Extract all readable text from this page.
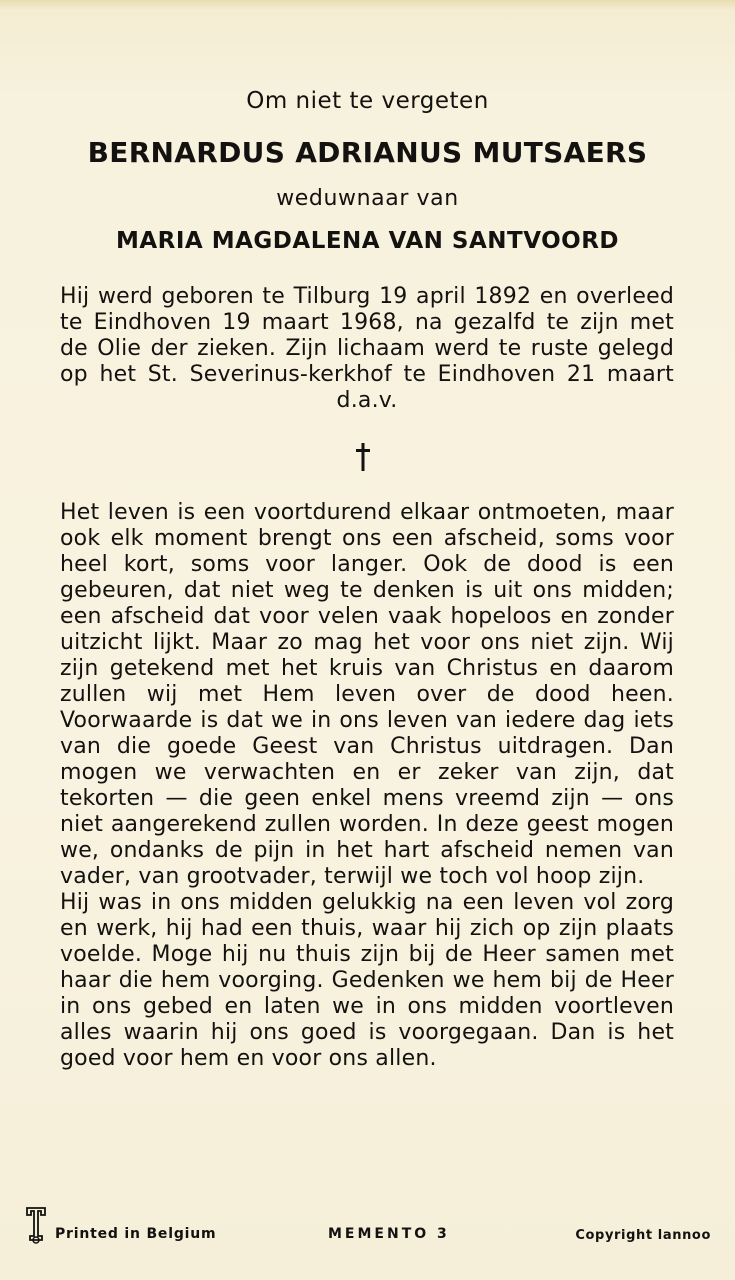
Om niet te vergeten
BERNARDUS ADRIANUS MUTSAERS
weduwnaar van
MARIA MAGDALENA VAN SANTVOORD
Hij werd geboren te Tilburg 19 april 1892 en overleed te Eindhoven 19 maart 1968, na gezalfd te zijn met de Olie der zieken. Zijn lichaam werd te ruste gelegd op het St. Severinus-kerkhof te Eindhoven 21 maart d.a.v.

Het leven is een voortdurend elkaar ontmoeten, maar ook elk moment brengt ons een afscheid, soms voor heel kort, soms voor langer. Ook de dood is een gebeuren, dat niet weg te denken is uit ons midden; een afscheid dat voor velen vaak hopeloos en zonder uitzicht lijkt. Maar zo mag het voor ons niet zijn. Wij zijn getekend met het kruis van Christus en daarom zullen wij met Hem leven over de dood heen. Voorwaarde is dat we in ons leven van iedere dag iets van die goede Geest van Christus uitdragen. Dan mogen we verwachten en er zeker van zijn, dat tekorten — die geen enkel mens vreemd zijn — ons niet aangerekend zullen worden. In deze geest mogen we, ondanks de pijn in het hart afscheid nemen van vader, van grootvader, terwijl we toch vol hoop zijn.

Hij was in ons midden gelukkig na een leven vol zorg en werk, hij had een thuis, waar hij zich op zijn plaats voelde. Moge hij nu thuis zijn bij de Heer samen met haar die hem voorging. Gedenken we hem bij de Heer in ons gebed en laten we in ons midden voortleven alles waarin hij ons goed is voorgegaan. Dan is het goed voor hem en voor ons allen.

Printed in Belgium	MEMENTO 3	Copyright lannoo
